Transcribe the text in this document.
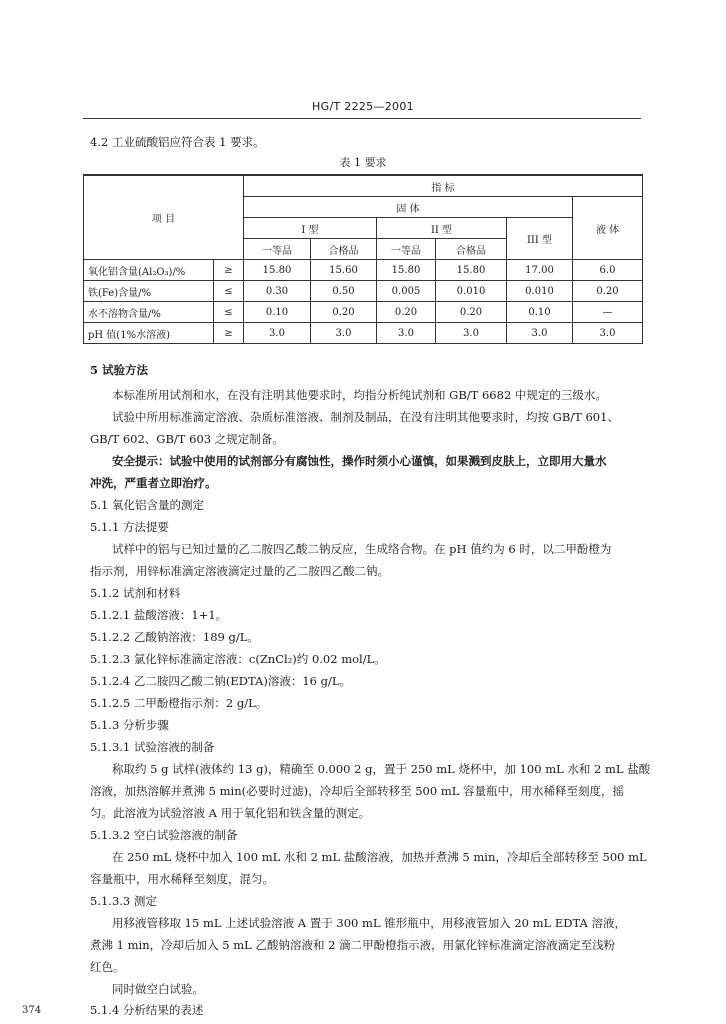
HG/T 2225—2001
4.2 工业硫酸铝应符合表 1 要求。
表 1 要求
项 目		指 标					
		固 体					液 体
		I 型		II 型		III 型	
		一等品	合格品	一等品	合格品		
氧化铝含量(Al₂O₃)/%	≥	15.80	15.60	15.80	15.80	17.00	6.0
铁(Fe)含量/%	≤	0.30	0.50	0.005	0.010	0.010	0.20
水不溶物含量/%	≤	0.10	0.20	0.20	0.20	0.10	—
pH 值(1%水溶液)	≥	3.0	3.0	3.0	3.0	3.0	3.0
5 试验方法
本标准所用试剂和水，在没有注明其他要求时，均指分析纯试剂和 GB/T 6682 中规定的三级水。
试验中所用标准滴定溶液、杂质标准溶液、制剂及制品，在没有注明其他要求时，均按 GB/T 601、
GB/T 602、GB/T 603 之规定制备。
安全提示：试验中使用的试剂部分有腐蚀性，操作时须小心谨慎，如果溅到皮肤上，立即用大量水
冲洗，严重者立即治疗。
5.1 氧化铝含量的测定
5.1.1 方法提要
试样中的铝与已知过量的乙二胺四乙酸二钠反应，生成络合物。在 pH 值约为 6 时，以二甲酚橙为
指示剂，用锌标准滴定溶液滴定过量的乙二胺四乙酸二钠。
5.1.2 试剂和材料
5.1.2.1 盐酸溶液：1+1。
5.1.2.2 乙酸钠溶液：189 g/L。
5.1.2.3 氯化锌标准滴定溶液：c(ZnCl₂)约 0.02 mol/L。
5.1.2.4 乙二胺四乙酸二钠(EDTA)溶液：16 g/L。
5.1.2.5 二甲酚橙指示剂：2 g/L。
5.1.3 分析步骤
5.1.3.1 试验溶液的制备
称取约 5 g 试样(液体约 13 g)，精确至 0.000 2 g，置于 250 mL 烧杯中，加 100 mL 水和 2 mL 盐酸
溶液，加热溶解并煮沸 5 min(必要时过滤)，冷却后全部转移至 500 mL 容量瓶中，用水稀释至刻度，摇
匀。此溶液为试验溶液 A 用于氧化铝和铁含量的测定。
5.1.3.2 空白试验溶液的制备
在 250 mL 烧杯中加入 100 mL 水和 2 mL 盐酸溶液，加热并煮沸 5 min，冷却后全部转移至 500 mL
容量瓶中，用水稀释至刻度，混匀。
5.1.3.3 测定
用移液管移取 15 mL 上述试验溶液 A 置于 300 mL 锥形瓶中，用移液管加入 20 mL EDTA 溶液，
煮沸 1 min，冷却后加入 5 mL 乙酸钠溶液和 2 滴二甲酚橙指示液，用氯化锌标准滴定溶液滴定至浅粉
红色。
同时做空白试验。
5.1.4 分析结果的表述
374
